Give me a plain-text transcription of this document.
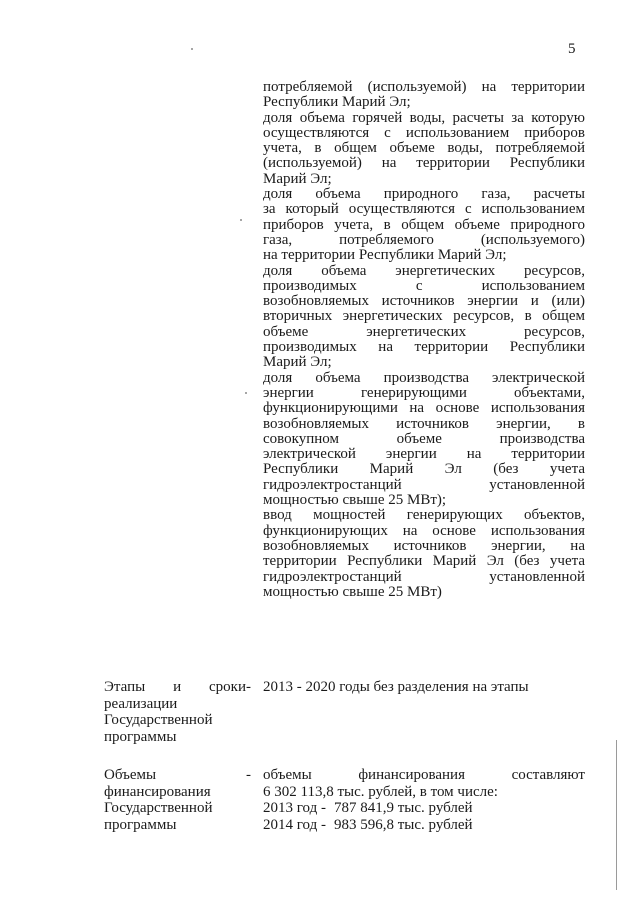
5
потребляемой (используемой) на территории
Республики Марий Эл;
доля объема горячей воды, расчеты за которую
осуществляются с использованием приборов
учета, в общем объеме воды, потребляемой
(используемой) на территории Республики
Марий Эл;
доля объема природного газа, расчеты
за который осуществляются с использованием
приборов учета, в общем объеме природного
газа, потребляемого (используемого)
на территории Республики Марий Эл;
доля объема энергетических ресурсов,
производимых с использованием
возобновляемых источников энергии и (или)
вторичных энергетических ресурсов, в общем
объеме энергетических ресурсов,
производимых на территории Республики
Марий Эл;
доля объема производства электрической
энергии генерирующими объектами,
функционирующими на основе использования
возобновляемых источников энергии, в
совокупном объеме производства
электрической энергии на территории
Республики Марий Эл (без учета
гидроэлектростанций установленной
мощностью свыше 25 МВт);
ввод мощностей генерирующих объектов,
функционирующих на основе использования
возобновляемых источников энергии, на
территории Республики Марий Эл (без учета
гидроэлектростанций установленной
мощностью свыше 25 МВт)
Этапы и сроки
реализации
Государственной
программы
- 2013 - 2020 годы без разделения на этапы
Объемы
финансирования
Государственной
программы
- объемы финансирования составляют
6 302 113,8 тыс. рублей, в том числе:
2013 год - 787 841,9 тыс. рублей
2014 год - 983 596,8 тыс. рублей
